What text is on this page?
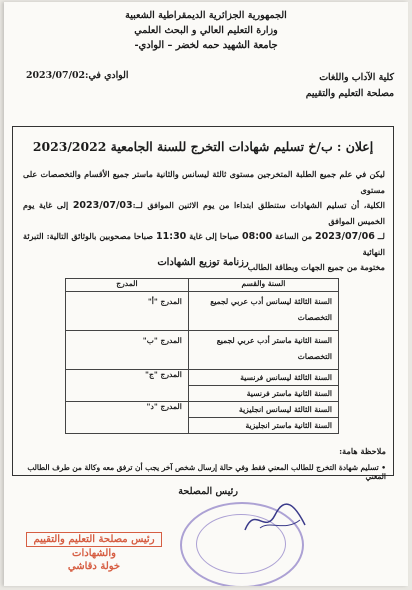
الجمهورية الجزائرية الديمقراطية الشعبية
وزارة التعليم العالي و البحث العلمي
جامعة الشهيد حمه لخضر – الوادي-
كلية الآداب واللغات
مصلحة التعليم والتقييم
الوادي في:2023/07/02
إعلان : ب/خ تسليم شهادات التخرج للسنة الجامعية 2023/2022
ليكن في علم جميع الطلبة المتخرجين مستوى ثالثة ليسانس والثانية ماستر جميع الأقسام والتخصصات على مستوى
الكلية، أن تسليم الشهادات ستنطلق ابتداءا من يوم الاثنين الموافق لــ:2023/07/03 إلى غاية يوم الخميس الموافق
لــ 2023/07/06 من الساعة 08:00 صباحا إلى غاية 11:30 صباحا مصحوبين بالوثائق التالية: التبرئة النهائية
مختومة من جميع الجهات وبطاقة الطالب
رزنامة توزيع الشهادات
السنة والقسم	المدرج
السنة الثالثة ليسانس أدب عربي لجميع التخصصات	المدرج "أ"
السنة الثانية ماستر أدب عربي لجميع التخصصات	المدرج "ب"
السنة الثالثة ليسانس فرنسية	المدرج "ج"
السنة الثانية ماستر فرنسية	
السنة الثالثة ليسانس انجليزية	المدرج "د"
السنة الثانية ماستر انجليزية	
ملاحظة هامة:
• تسليم شهادة التخرج للطالب المعني فقط وفي حالة إرسال شخص آخر يجب أن ترفق معه وكالة من طرف الطالب المعني
رئيس المصلحة
رئيس مصلحة التعليم والتقييم
والشهادات
خولة دقاشي
